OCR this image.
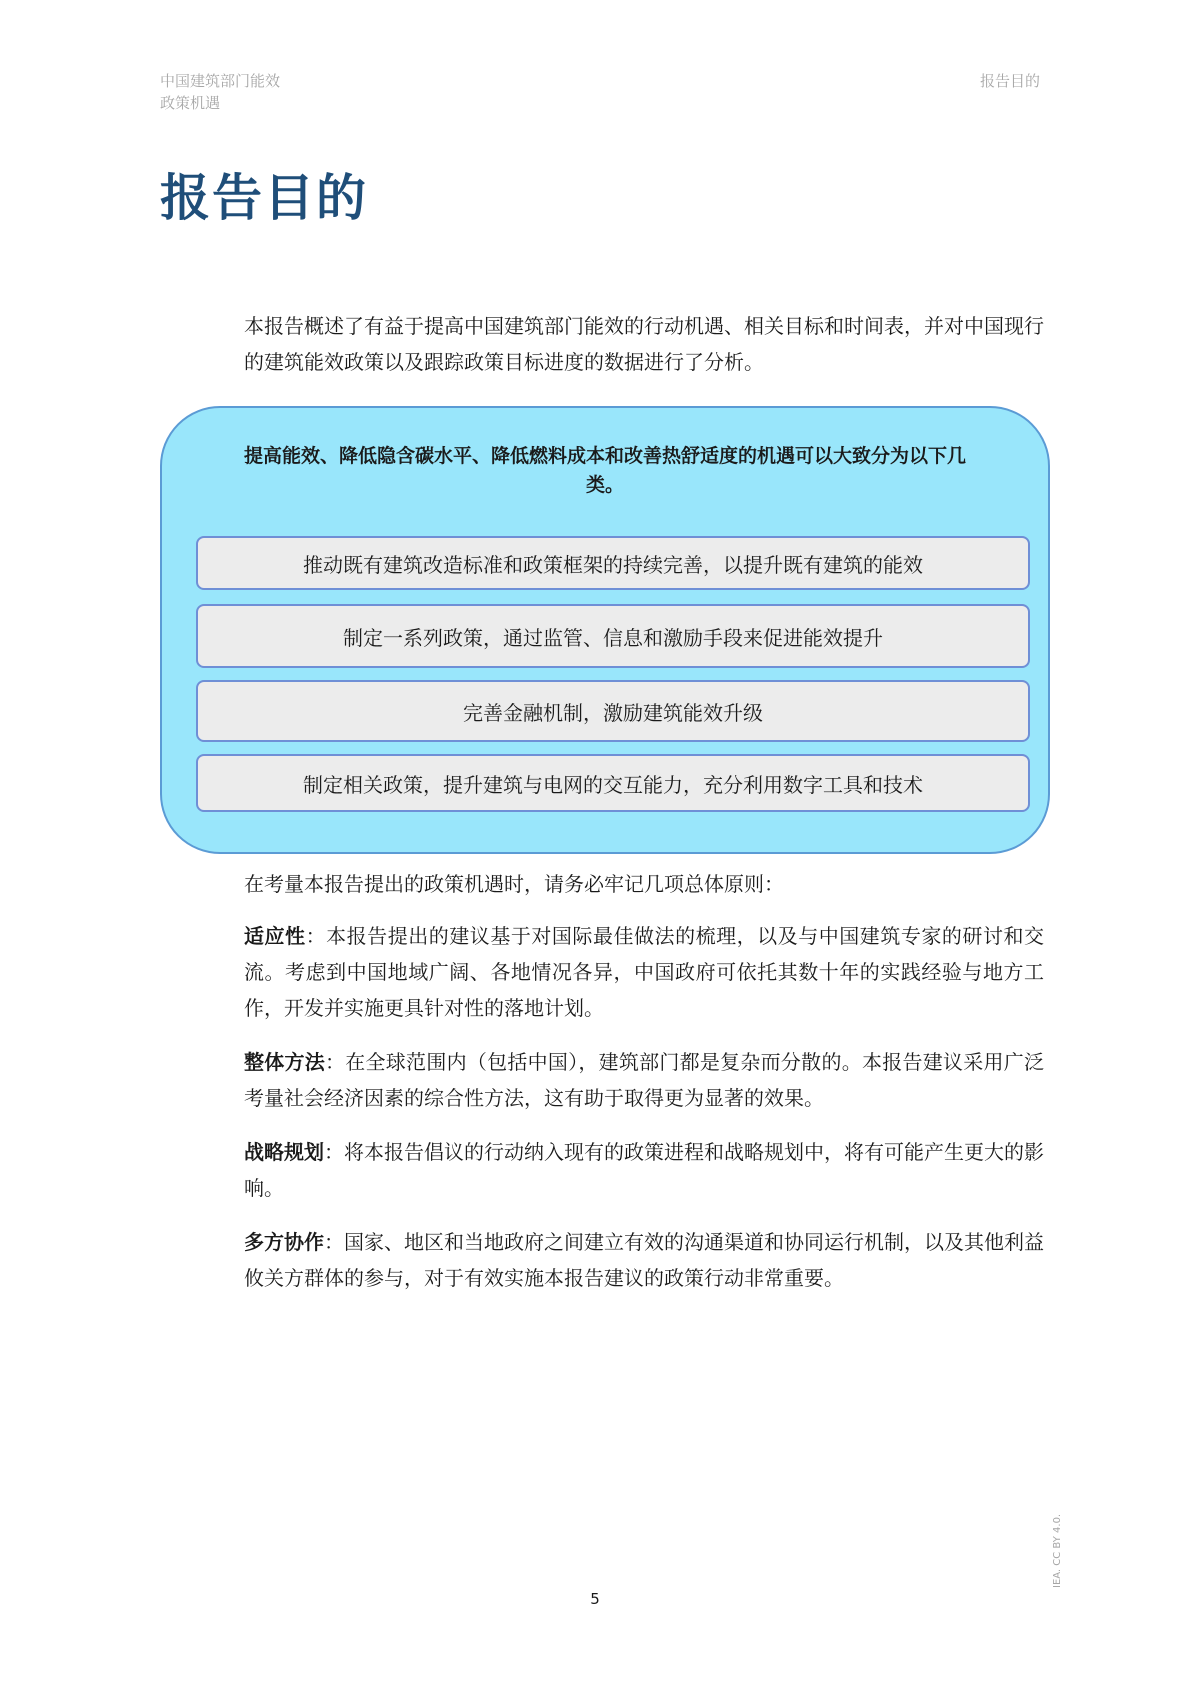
中国建筑部门能效
政策机遇
报告目的
报告目的

本报告概述了有益于提高中国建筑部门能效的行动机遇、相关目标和时间表，并对中国现行的建筑能效政策以及跟踪政策目标进度的数据进行了分析。

提高能效、降低隐含碳水平、降低燃料成本和改善热舒适度的机遇可以大致分为以下几类。

推动既有建筑改造标准和政策框架的持续完善，以提升既有建筑的能效
制定一系列政策，通过监管、信息和激励手段来促进能效提升
完善金融机制，激励建筑能效升级
制定相关政策，提升建筑与电网的交互能力，充分利用数字工具和技术

在考量本报告提出的政策机遇时，请务必牢记几项总体原则：

适应性：本报告提出的建议基于对国际最佳做法的梳理，以及与中国建筑专家的研讨和交流。考虑到中国地域广阔、各地情况各异，中国政府可依托其数十年的实践经验与地方工作，开发并实施更具针对性的落地计划。

整体方法：在全球范围内（包括中国），建筑部门都是复杂而分散的。本报告建议采用广泛考量社会经济因素的综合性方法，这有助于取得更为显著的效果。

战略规划：将本报告倡议的行动纳入现有的政策进程和战略规划中，将有可能产生更大的影响。

多方协作：国家、地区和当地政府之间建立有效的沟通渠道和协同运行机制，以及其他利益攸关方群体的参与，对于有效实施本报告建议的政策行动非常重要。

5
IEA. CC BY 4.0.
